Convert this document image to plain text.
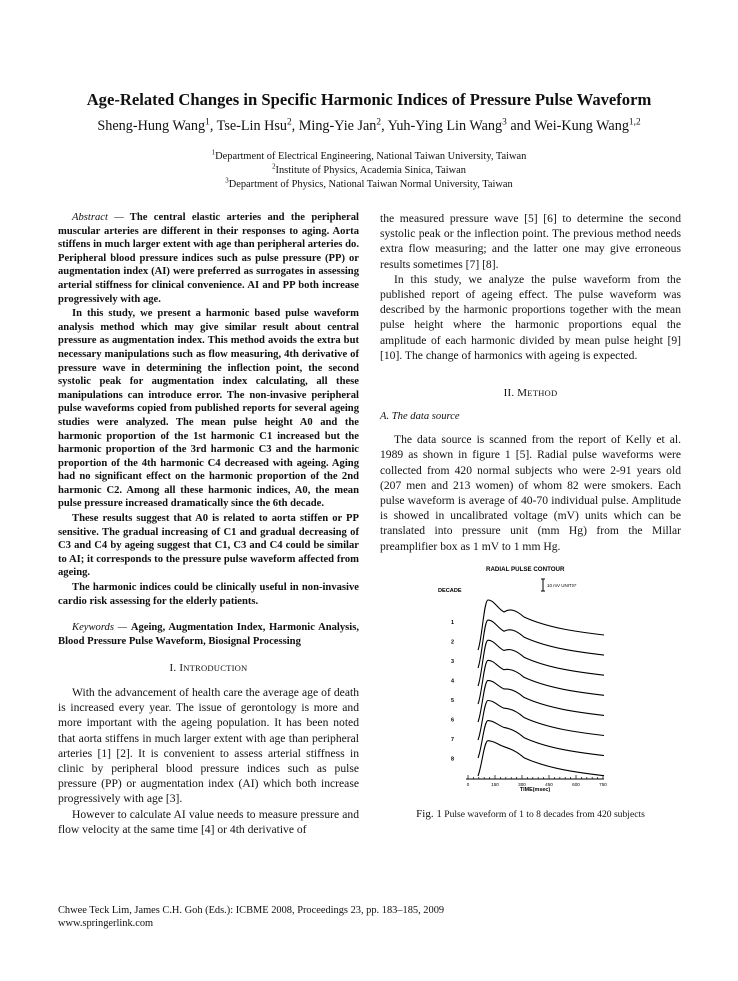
Age-Related Changes in Specific Harmonic Indices of Pressure Pulse Waveform
Sheng-Hung Wang$^1$, Tse-Lin Hsu$^2$, Ming-Yie Jan$^2$, Yuh-Ying Lin Wang$^3$ and Wei-Kung Wang$^{1,2}$
$^1$Department of Electrical Engineering, National Taiwan University, Taiwan
$^2$Institute of Physics, Academia Sinica, Taiwan
$^3$Department of Physics, National Taiwan Normal University, Taiwan

Abstract — The central elastic arteries and the peripheral muscular arteries are different in their responses to aging. Aorta stiffens in much larger extent with age than peripheral arteries do. Peripheral blood pressure indices such as pulse pressure (PP) or augmentation index (AI) were preferred as surrogates in assessing arterial stiffness for clinical convenience. AI and PP both increase progressively with age.

In this study, we present a harmonic based pulse waveform analysis method which may give similar result about central pressure as augmentation index. This method avoids the extra but necessary manipulations such as flow measuring, 4th derivative of pressure wave in determining the inflection point, the second systolic peak for augmentation index calculating, all these manipulations can introduce error. The non-invasive peripheral pulse waveforms copied from published reports for several ageing studies were analyzed. The mean pulse height A0 and the harmonic proportion of the 1st harmonic C1 increased but the harmonic proportion of the 3rd harmonic C3 and the harmonic proportion of the 4th harmonic C4 decreased with ageing. Aging had no significant effect on the harmonic proportion of the 2nd harmonic C2. Among all these harmonic indices, A0, the mean pulse pressure increased dramatically since the 6th decade.

These results suggest that A0 is related to aorta stiffen or PP sensitive. The gradual increasing of C1 and gradual decreasing of C3 and C4 by ageing suggest that C1, C3 and C4 could be similar to AI; it corresponds to the pressure pulse waveform affected from ageing.

The harmonic indices could be clinically useful in non-invasive cardio risk assessing for the elderly patients.

Keywords — Ageing, Augmentation Index, Harmonic Analysis, Blood Pressure Pulse Waveform, Biosignal Processing

I. INTRODUCTION

With the advancement of health care the average age of death is increased every year. The issue of gerontology is more and more important with the ageing population. It has been noted that aorta stiffens in much larger extent with age than peripheral arteries [1] [2]. It is convenient to assess arterial stiffness in clinic by peripheral blood pressure indices such as pulse pressure (PP) or augmentation index (AI) which both increase progressively with age [3].

However to calculate AI value needs to measure pressure and flow velocity at the same time [4] or 4th derivative of

the measured pressure wave [5] [6] to determine the second systolic peak or the inflection point. The previous method needs extra flow measuring; and the latter one may give erroneous results sometimes [7] [8].

In this study, we analyze the pulse waveform from the published report of ageing effect. The pulse waveform was described by the harmonic proportions together with the mean pulse height where the harmonic proportions equal the amplitude of each harmonic divided by mean pulse height [9] [10]. The change of harmonics with ageing is expected.

II. METHOD
A. The data source

The data source is scanned from the report of Kelly et al. 1989 as shown in figure 1 [5]. Radial pulse waveforms were collected from 420 normal subjects who were 2-91 years old (207 men and 213 women) of whom 82 were smokers. Each pulse waveform is average of 40-70 individual pulse. Amplitude is showed in uncalibrated voltage (mV) units which can be translated into pressure unit (mm Hg) from the Millar preamplifier box as 1 mV to 1 mm Hg.

RADIAL PULSE CONTOUR
10 mV UNITS*
DECADE
1
2
3
4
5
6
7
8
0	150	300	450	600	750
TIME(msec)
Fig. 1 Pulse waveform of 1 to 8 decades from 420 subjects
Chwee Teck Lim, James C.H. Goh (Eds.): ICBME 2008, Proceedings 23, pp. 183–185, 2009
www.springerlink.com
